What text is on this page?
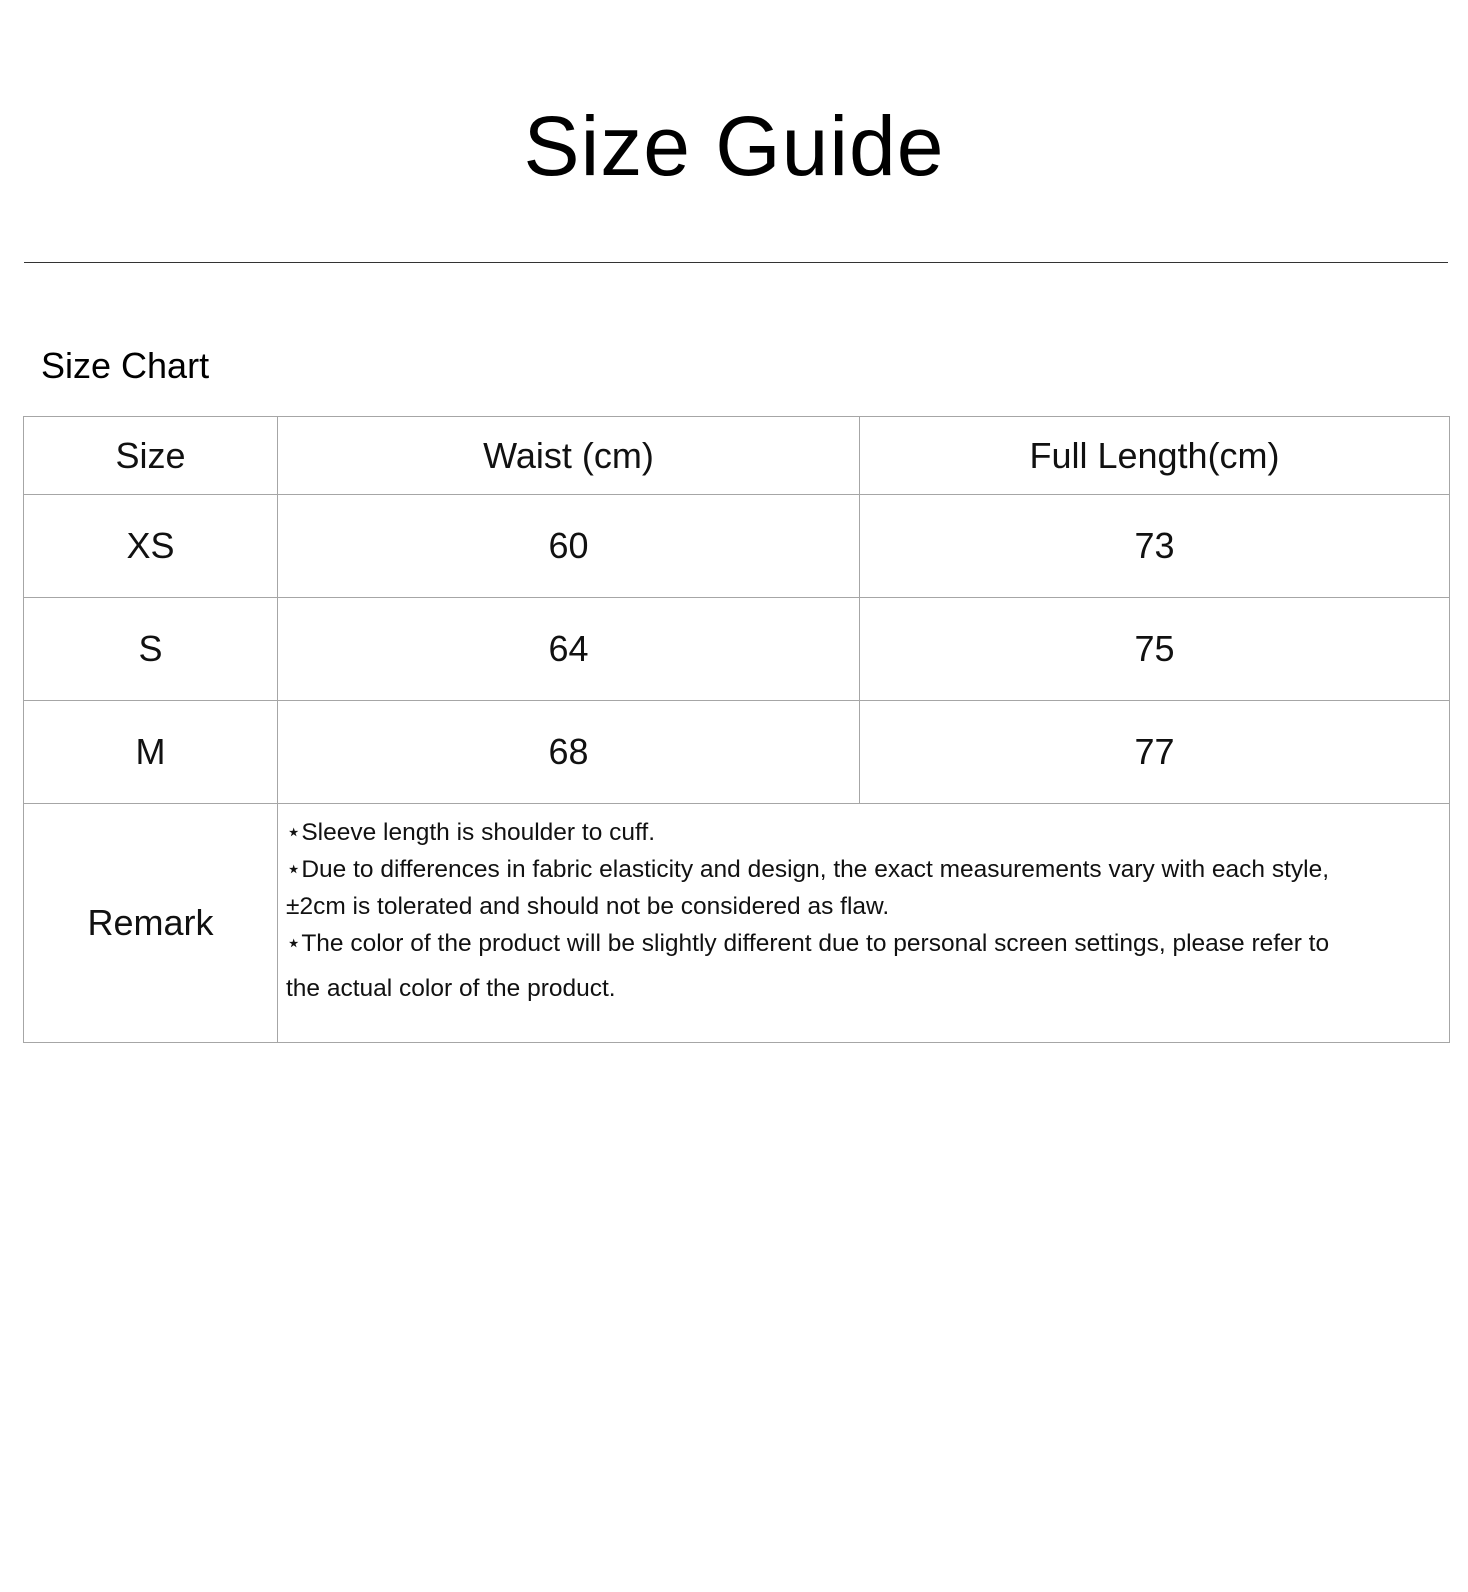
Size Guide
Size Chart
Size	Waist (cm)	Full Length(cm)
XS	60	73
S	64	75
M	68	77
Remark	⋆Sleeve length is shoulder to cuff.
⋆Due to differences in fabric elasticity and design, the exact measurements vary with each style,
±2cm is tolerated and should not be considered as flaw.
⋆The color of the product will be slightly different due to personal screen settings, please refer to
the actual color of the product.	
